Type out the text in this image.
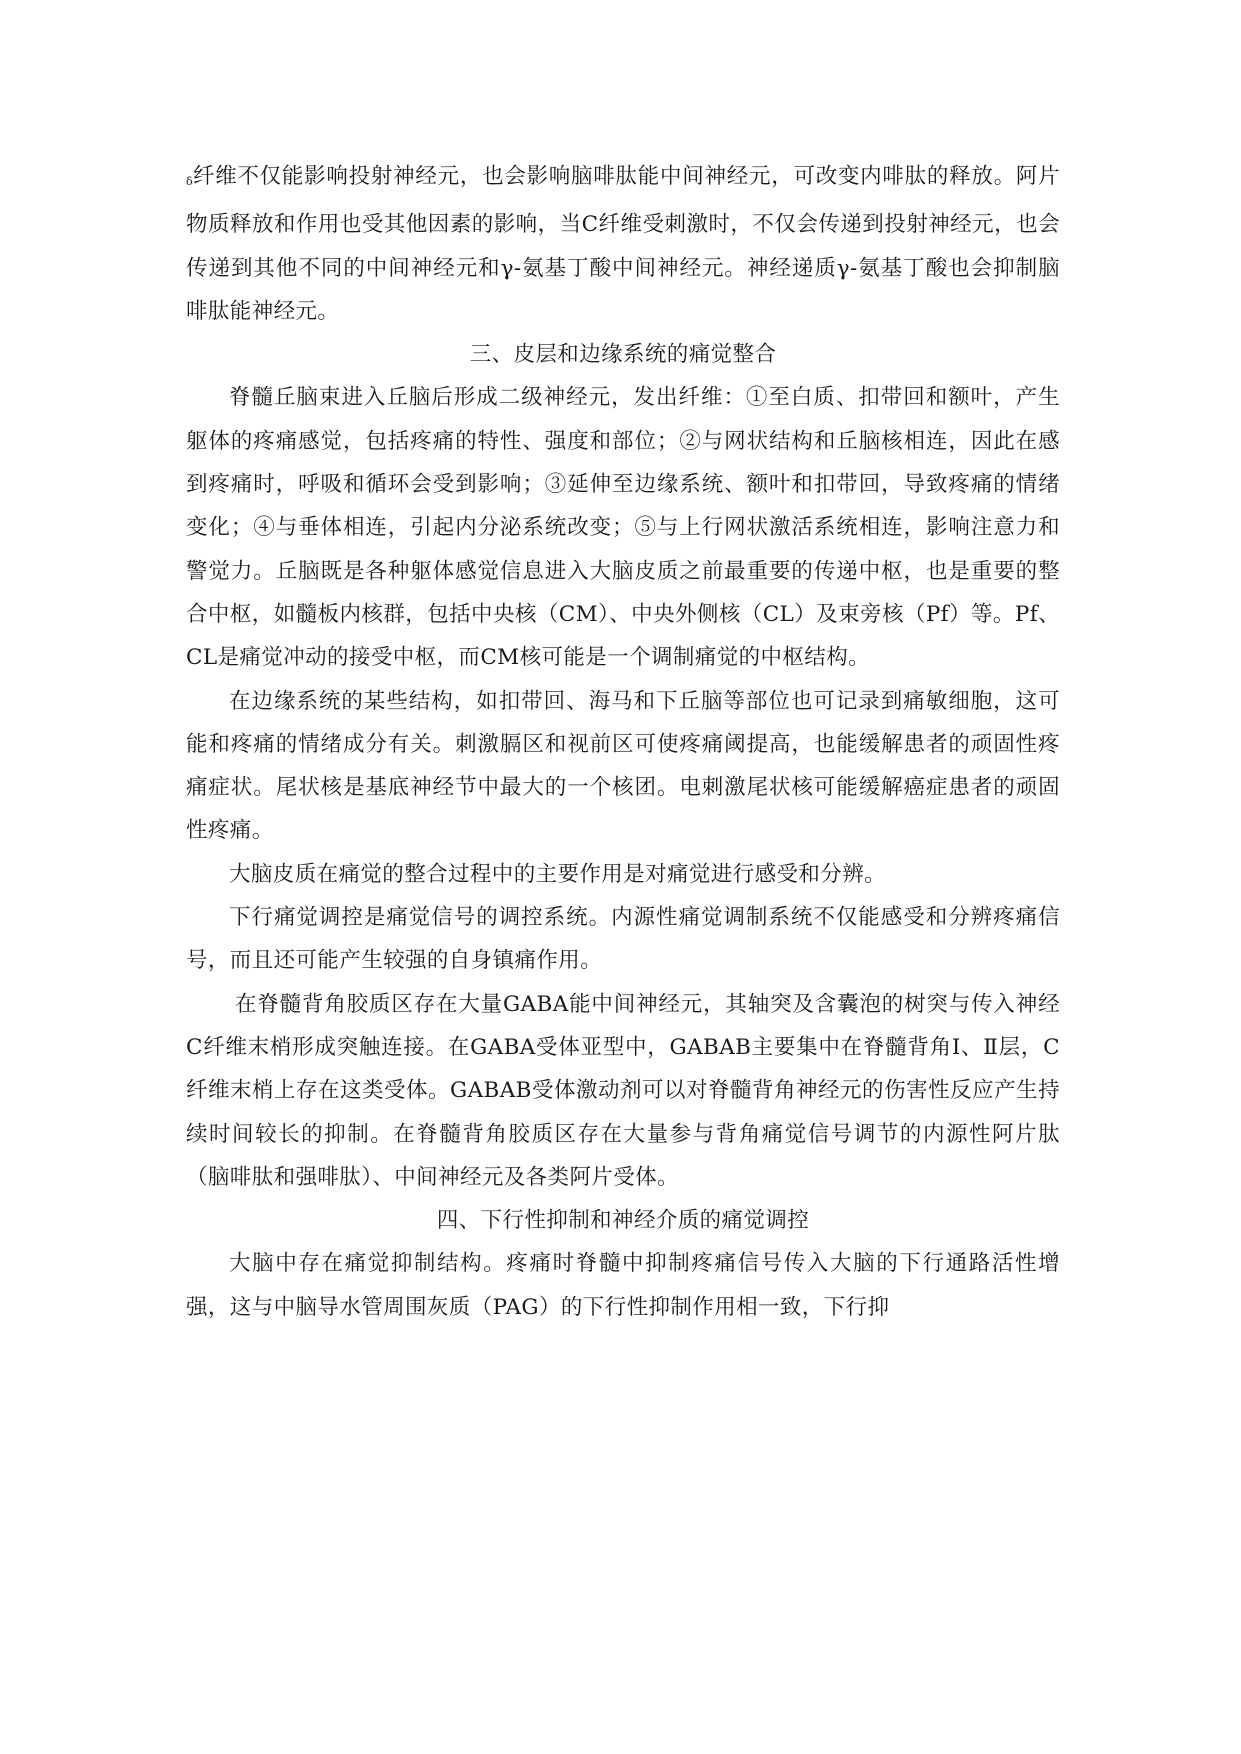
δ纤维不仅能影响投射神经元，也会影响脑啡肽能中间神经元，可改变内啡肽的释放。阿片物质释放和作用也受其他因素的影响，当C纤维受刺激时，不仅会传递到投射神经元，也会传递到其他不同的中间神经元和γ-氨基丁酸中间神经元。神经递质γ-氨基丁酸也会抑制脑啡肽能神经元。

三、皮层和边缘系统的痛觉整合

脊髓丘脑束进入丘脑后形成二级神经元，发出纤维：①至白质、扣带回和额叶，产生躯体的疼痛感觉，包括疼痛的特性、强度和部位；②与网状结构和丘脑核相连，因此在感到疼痛时，呼吸和循环会受到影响；③延伸至边缘系统、额叶和扣带回，导致疼痛的情绪变化；④与垂体相连，引起内分泌系统改变；⑤与上行网状激活系统相连，影响注意力和警觉力。丘脑既是各种躯体感觉信息进入大脑皮质之前最重要的传递中枢，也是重要的整合中枢，如髓板内核群，包括中央核（CM）、中央外侧核（CL）及束旁核（Pf）等。Pf、CL是痛觉冲动的接受中枢，而CM核可能是一个调制痛觉的中枢结构。

在边缘系统的某些结构，如扣带回、海马和下丘脑等部位也可记录到痛敏细胞，这可能和疼痛的情绪成分有关。刺激膈区和视前区可使疼痛阈提高，也能缓解患者的顽固性疼痛症状。尾状核是基底神经节中最大的一个核团。电刺激尾状核可能缓解癌症患者的顽固性疼痛。

大脑皮质在痛觉的整合过程中的主要作用是对痛觉进行感受和分辨。

下行痛觉调控是痛觉信号的调控系统。内源性痛觉调制系统不仅能感受和分辨疼痛信号，而且还可能产生较强的自身镇痛作用。

在脊髓背角胶质区存在大量GABA能中间神经元，其轴突及含囊泡的树突与传入神经C纤维末梢形成突触连接。在GABA受体亚型中，GABAB主要集中在脊髓背角Ⅰ、Ⅱ层，C纤维末梢上存在这类受体。GABAB受体激动剂可以对脊髓背角神经元的伤害性反应产生持续时间较长的抑制。在脊髓背角胶质区存在大量参与背角痛觉信号调节的内源性阿片肽（脑啡肽和强啡肽）、中间神经元及各类阿片受体。

四、下行性抑制和神经介质的痛觉调控

大脑中存在痛觉抑制结构。疼痛时脊髓中抑制疼痛信号传入大脑的下行通路活性增强，这与中脑导水管周围灰质（PAG）的下行性抑制作用相一致，下行抑
